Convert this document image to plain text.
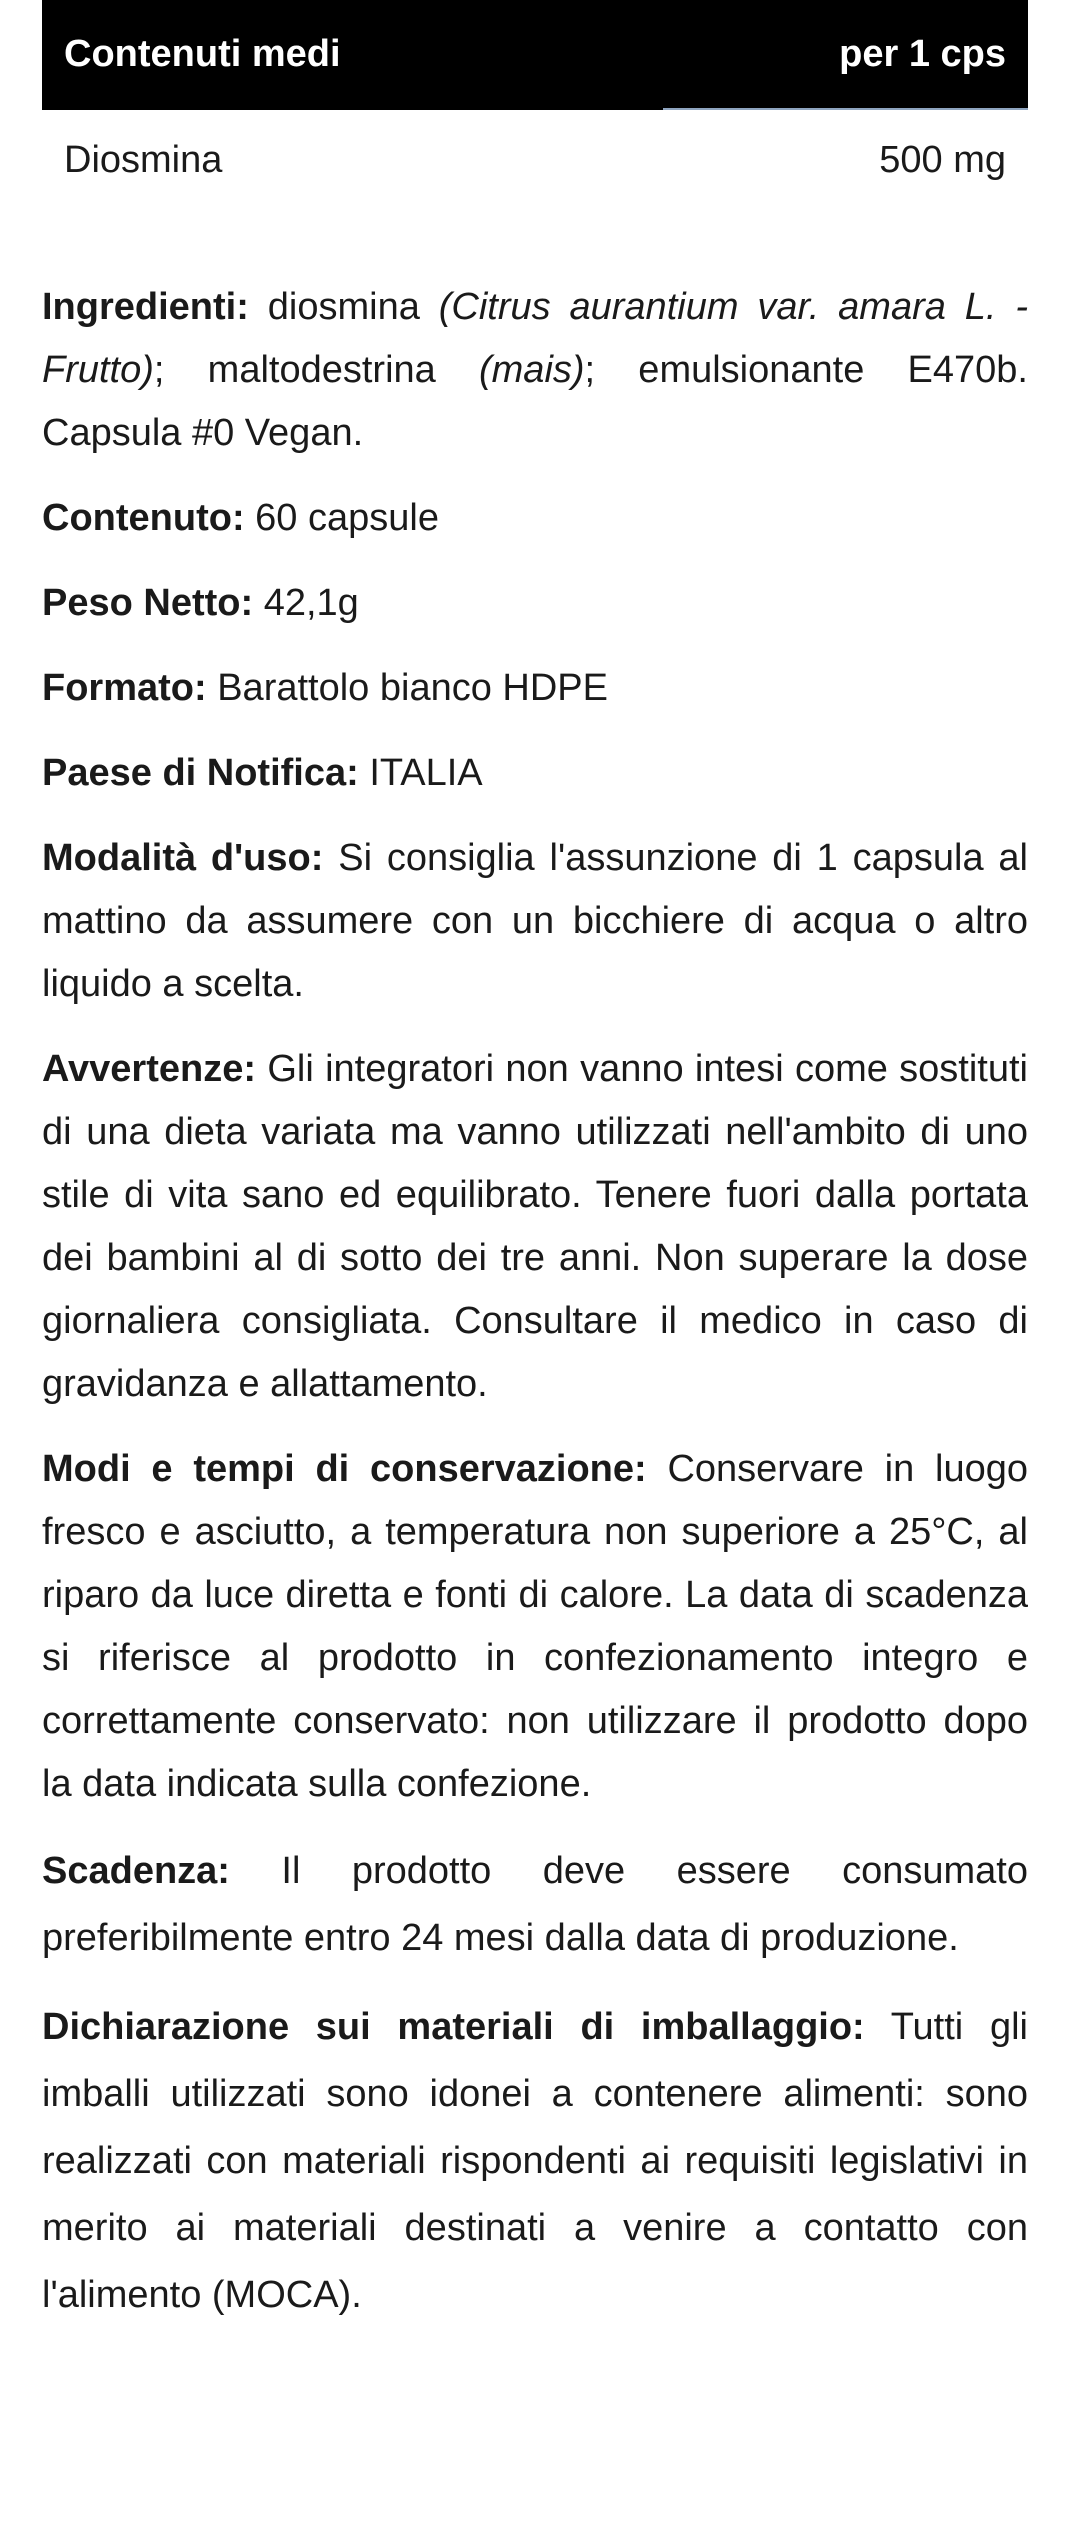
Contenuti medi	per 1 cps

Diosmina	500 mg

Ingredienti: diosmina (Citrus aurantium var. amara L. - Frutto); maltodestrina (mais); emulsionante E470b. Capsula #0 Vegan.

Contenuto: 60 capsule

Peso Netto: 42,1g

Formato: Barattolo bianco HDPE

Paese di Notifica: ITALIA

Modalità d'uso: Si consiglia l'assunzione di 1 capsula al mattino da assumere con un bicchiere di acqua o altro liquido a scelta.

Avvertenze: Gli integratori non vanno intesi come sostituti di una dieta variata ma vanno utilizzati nell'ambito di uno stile di vita sano ed equilibrato. Tenere fuori dalla portata dei bambini al di sotto dei tre anni. Non superare la dose giornaliera consigliata. Consultare il medico in caso di gravidanza e allattamento.

Modi e tempi di conservazione: Conservare in luogo fresco e asciutto, a temperatura non superiore a 25°C, al riparo da luce diretta e fonti di calore. La data di scadenza si riferisce al prodotto in confezionamento integro e correttamente conservato: non utilizzare il prodotto dopo la data indicata sulla confezione.

Scadenza: Il prodotto deve essere consumato preferibilmente entro 24 mesi dalla data di produzione.

Dichiarazione sui materiali di imballaggio: Tutti gli imballi utilizzati sono idonei a contenere alimenti: sono realizzati con materiali rispondenti ai requisiti legislativi in merito ai materiali destinati a venire a contatto con l'alimento (MOCA).
